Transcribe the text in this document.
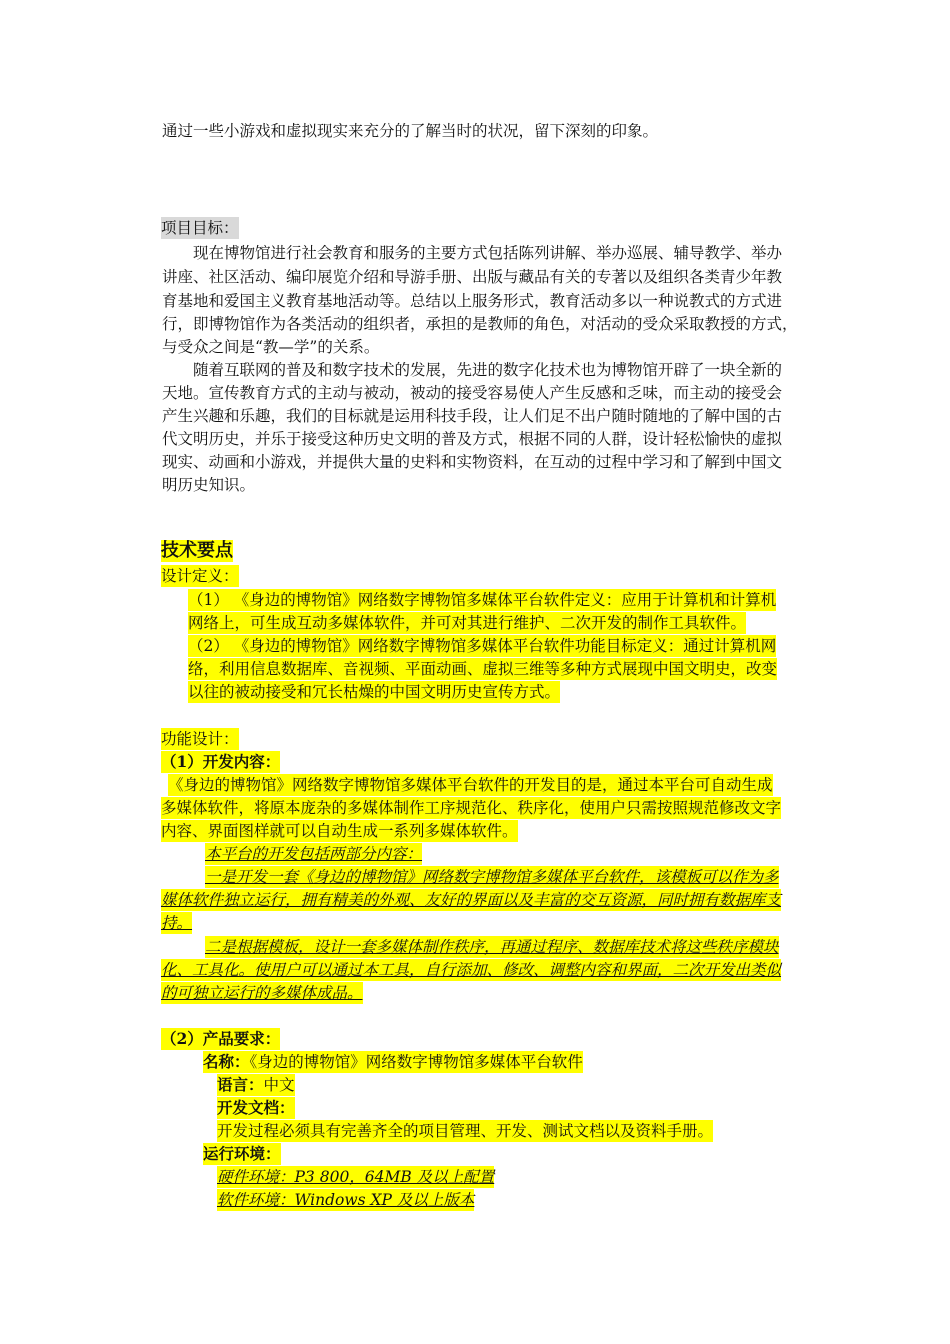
通过一些小游戏和虚拟现实来充分的了解当时的状况，留下深刻的印象。
项目目标：
现在博物馆进行社会教育和服务的主要方式包括陈列讲解、举办巡展、辅导教学、举办
讲座、社区活动、编印展览介绍和导游手册、出版与藏品有关的专著以及组织各类青少年教
育基地和爱国主义教育基地活动等。总结以上服务形式，教育活动多以一种说教式的方式进
行，即博物馆作为各类活动的组织者，承担的是教师的角色，对活动的受众采取教授的方式，
与受众之间是“教—学”的关系。
随着互联网的普及和数字技术的发展，先进的数字化技术也为博物馆开辟了一块全新的
天地。宣传教育方式的主动与被动，被动的接受容易使人产生反感和乏味，而主动的接受会
产生兴趣和乐趣，我们的目标就是运用科技手段，让人们足不出户随时随地的了解中国的古
代文明历史，并乐于接受这种历史文明的普及方式，根据不同的人群，设计轻松愉快的虚拟
现实、动画和小游戏，并提供大量的史料和实物资料，在互动的过程中学习和了解到中国文
明历史知识。
技术要点
设计定义：
（1） 《身边的博物馆》网络数字博物馆多媒体平台软件定义：应用于计算机和计算机
网络上，可生成互动多媒体软件，并可对其进行维护、二次开发的制作工具软件。
（2） 《身边的博物馆》网络数字博物馆多媒体平台软件功能目标定义：通过计算机网
络，利用信息数据库、音视频、平面动画、虚拟三维等多种方式展现中国文明史，改变
以往的被动接受和冗长枯燥的中国文明历史宣传方式。
功能设计：
（1）开发内容：
《身边的博物馆》网络数字博物馆多媒体平台软件的开发目的是，通过本平台可自动生成
多媒体软件，将原本庞杂的多媒体制作工序规范化、秩序化，使用户只需按照规范修改文字
内容、界面图样就可以自动生成一系列多媒体软件。
本平台的开发包括两部分内容：
一是开发一套《身边的博物馆》网络数字博物馆多媒体平台软件，该模板可以作为多
媒体软件独立运行，拥有精美的外观、友好的界面以及丰富的交互资源，同时拥有数据库支
持。
二是根据模板，设计一套多媒体制作秩序，再通过程序、数据库技术将这些秩序模块
化、工具化。使用户可以通过本工具，自行添加、修改、调整内容和界面，二次开发出类似
的可独立运行的多媒体成品。
（2）产品要求：
名称：《身边的博物馆》网络数字博物馆多媒体平台软件
语言：中文
开发文档：
开发过程必须具有完善齐全的项目管理、开发、测试文档以及资料手册。
运行环境：
硬件环境：P3 800，64MB 及以上配置
软件环境：Windows XP 及以上版本
